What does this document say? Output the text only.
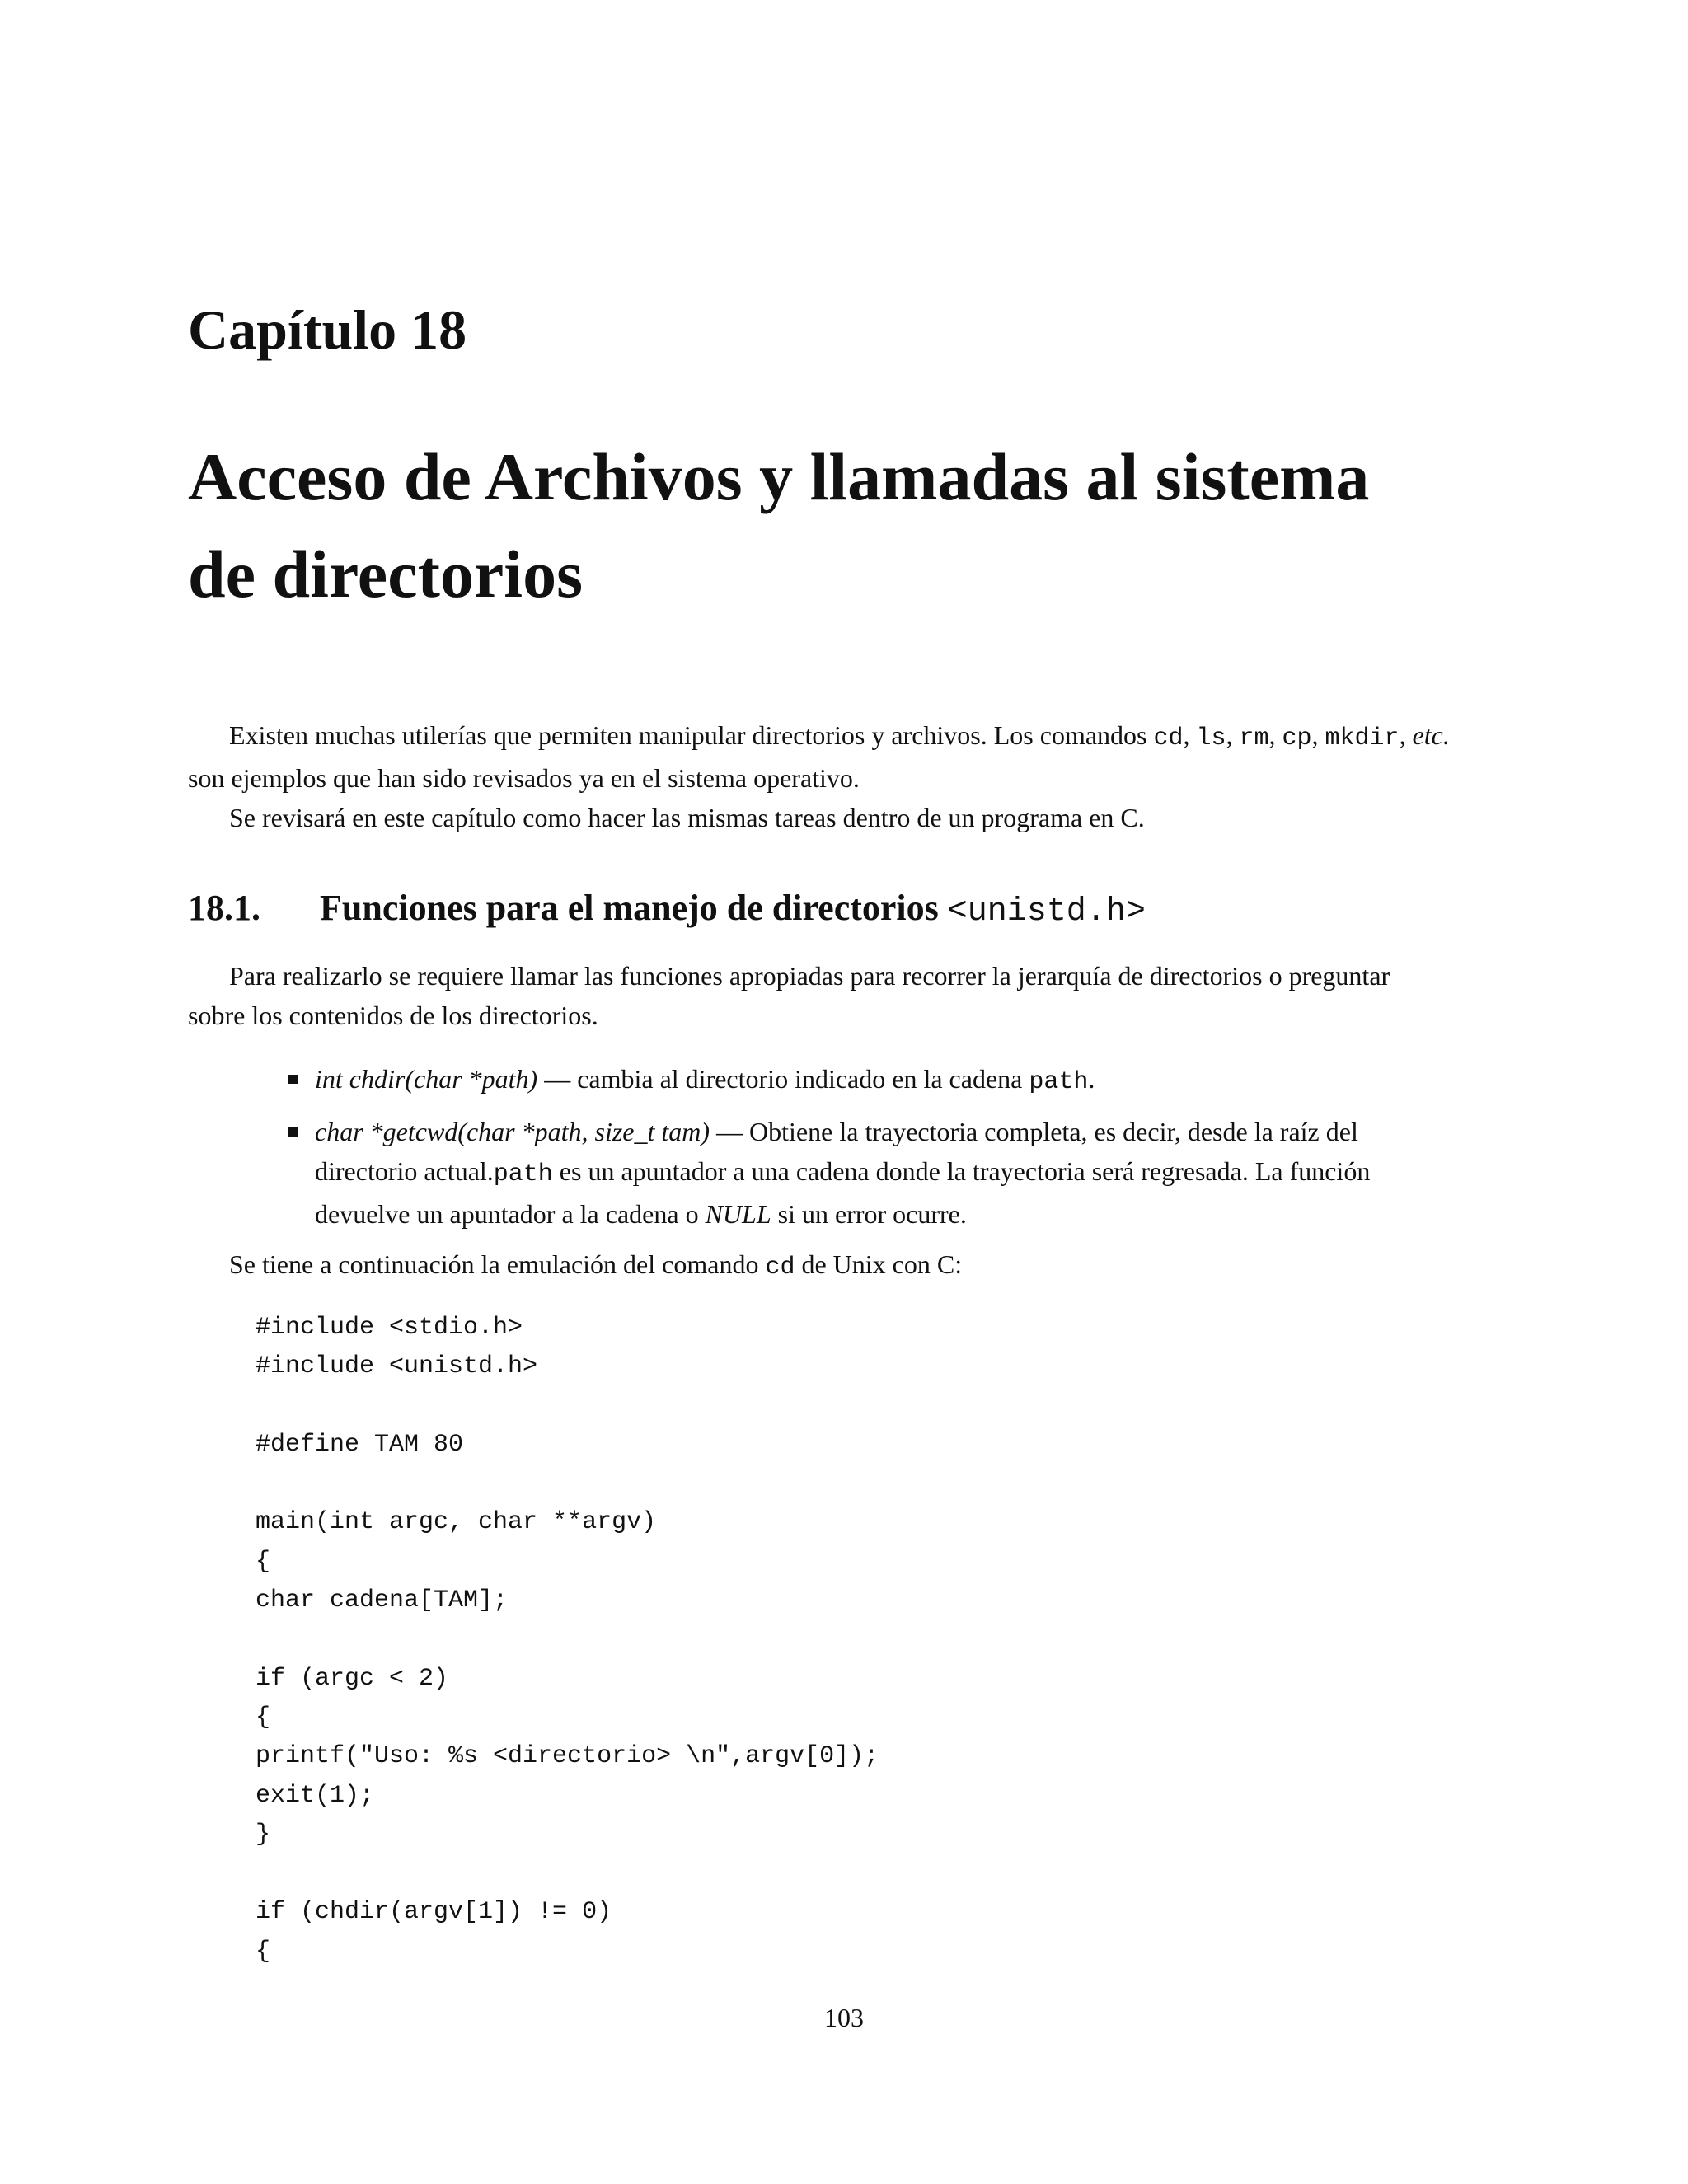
Capítulo 18
Acceso de Archivos y llamadas al sistema
de directorios
Existen muchas utilerías que permiten manipular directorios y archivos. Los comandos cd, ls, rm, cp, mkdir, etc.
son ejemplos que han sido revisados ya en el sistema operativo.
Se revisará en este capítulo como hacer las mismas tareas dentro de un programa en C.
18.1. Funciones para el manejo de directorios <unistd.h>
Para realizarlo se requiere llamar las funciones apropiadas para recorrer la jerarquía de directorios o preguntar
sobre los contenidos de los directorios.
int chdir(char *path) — cambia al directorio indicado en la cadena path.
char *getcwd(char *path, size_t tam) — Obtiene la trayectoria completa, es decir, desde la raíz del
directorio actual.path es un apuntador a una cadena donde la trayectoria será regresada. La función
devuelve un apuntador a la cadena o NULL si un error ocurre.
Se tiene a continuación la emulación del comando cd de Unix con C:
#include <stdio.h>
#include <unistd.h>
#define TAM 80
main(int argc, char **argv)
{
char cadena[TAM];
if (argc < 2)
{
printf("Uso: %s <directorio> \n",argv[0]);
exit(1);
}
if (chdir(argv[1]) != 0)
{
103
